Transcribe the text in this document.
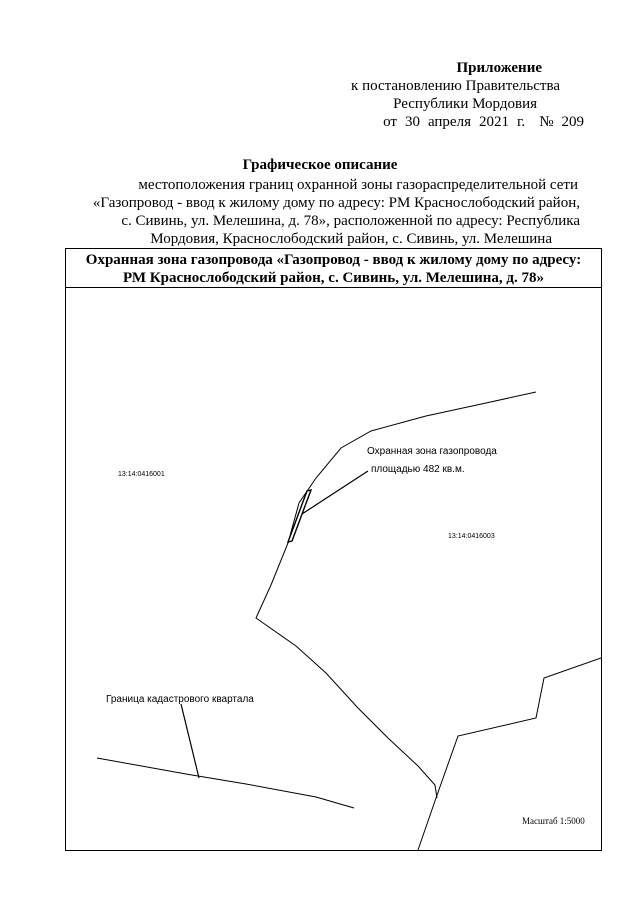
Приложение
к постановлению Правительства
Республики Мордовия
от 30 апреля 2021 г. № 209
Графическое описание
местоположения границ охранной зоны газораспределительной сети
«Газопровод - ввод к жилому дому по адресу: РМ Краснослободский район,
с. Сивинь, ул. Мелешина, д. 78», расположенной по адресу: Республика
Мордовия, Краснослободский район, с. Сивинь, ул. Мелешина
Охранная зона газопровода «Газопровод - ввод к жилому дому по адресу:
РМ Краснослободский район, с. Сивинь, ул. Мелешина, д. 78»
13:14:0416001
13:14:0416003
Охранная зона газопровода
площадью 482 кв.м.
Граница кадастрового квартала
Масштаб 1:5000
